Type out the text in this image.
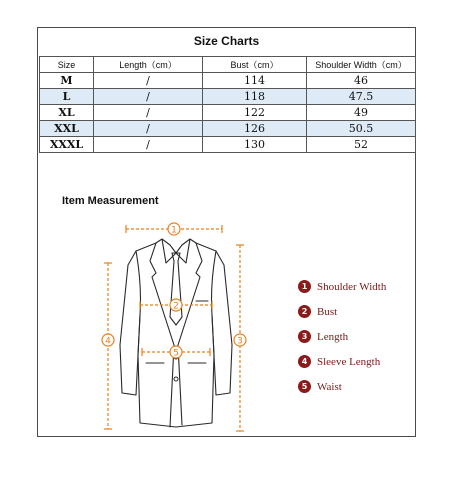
Size Charts
Size	Length（cm）	Bust（cm）	Shoulder Width（cm）
M	/	114	46
L	/	118	47.5
XL	/	122	49
XXL	/	126	50.5
XXXL	/	130	52
Item Measurement
1
2
3
4
5
1 Shoulder Width
2 Bust
3 Length
4 Sleeve Length
5 Waist
